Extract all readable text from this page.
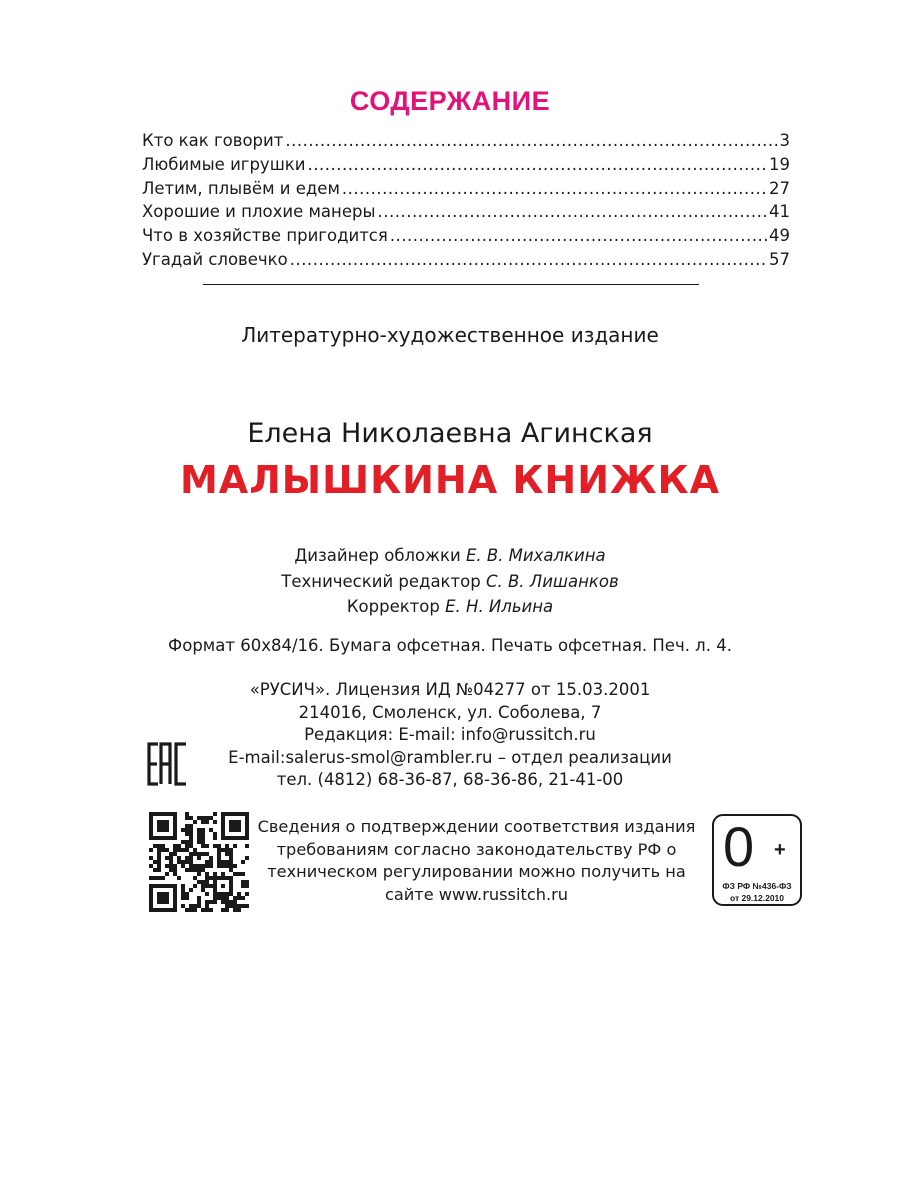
СОДЕРЖАНИЕ
Кто как говорит .....	3
Любимые игрушки .....	19
Летим, плывём и едем .....	27
Хорошие и плохие манеры .....	41
Что в хозяйстве пригодится .....	49
Угадай словечко .....	57
Литературно-художественное издание
Елена Николаевна Агинская
МАЛЫШКИНА КНИЖКА
Дизайнер обложки Е. В. Михалкина
Технический редактор С. В. Лишанков
Корректор Е. Н. Ильина
Формат 60x84/16. Бумага офсетная. Печать офсетная. Печ. л. 4.
«РУСИЧ». Лицензия ИД №04277 от 15.03.2001
214016, Смоленск, ул. Соболева, 7
Редакция: E-mail: info@russitch.ru
E-mail:salerus-smol@rambler.ru – отдел реализации
тел. (4812) 68-36-87, 68-36-86, 21-41-00
Сведения о подтверждении соответствия издания
требованиям согласно законодательству РФ о
техническом регулировании можно получить на
сайте www.russitch.ru
0 +
ФЗ РФ №436-ФЗ
от 29.12.2010
